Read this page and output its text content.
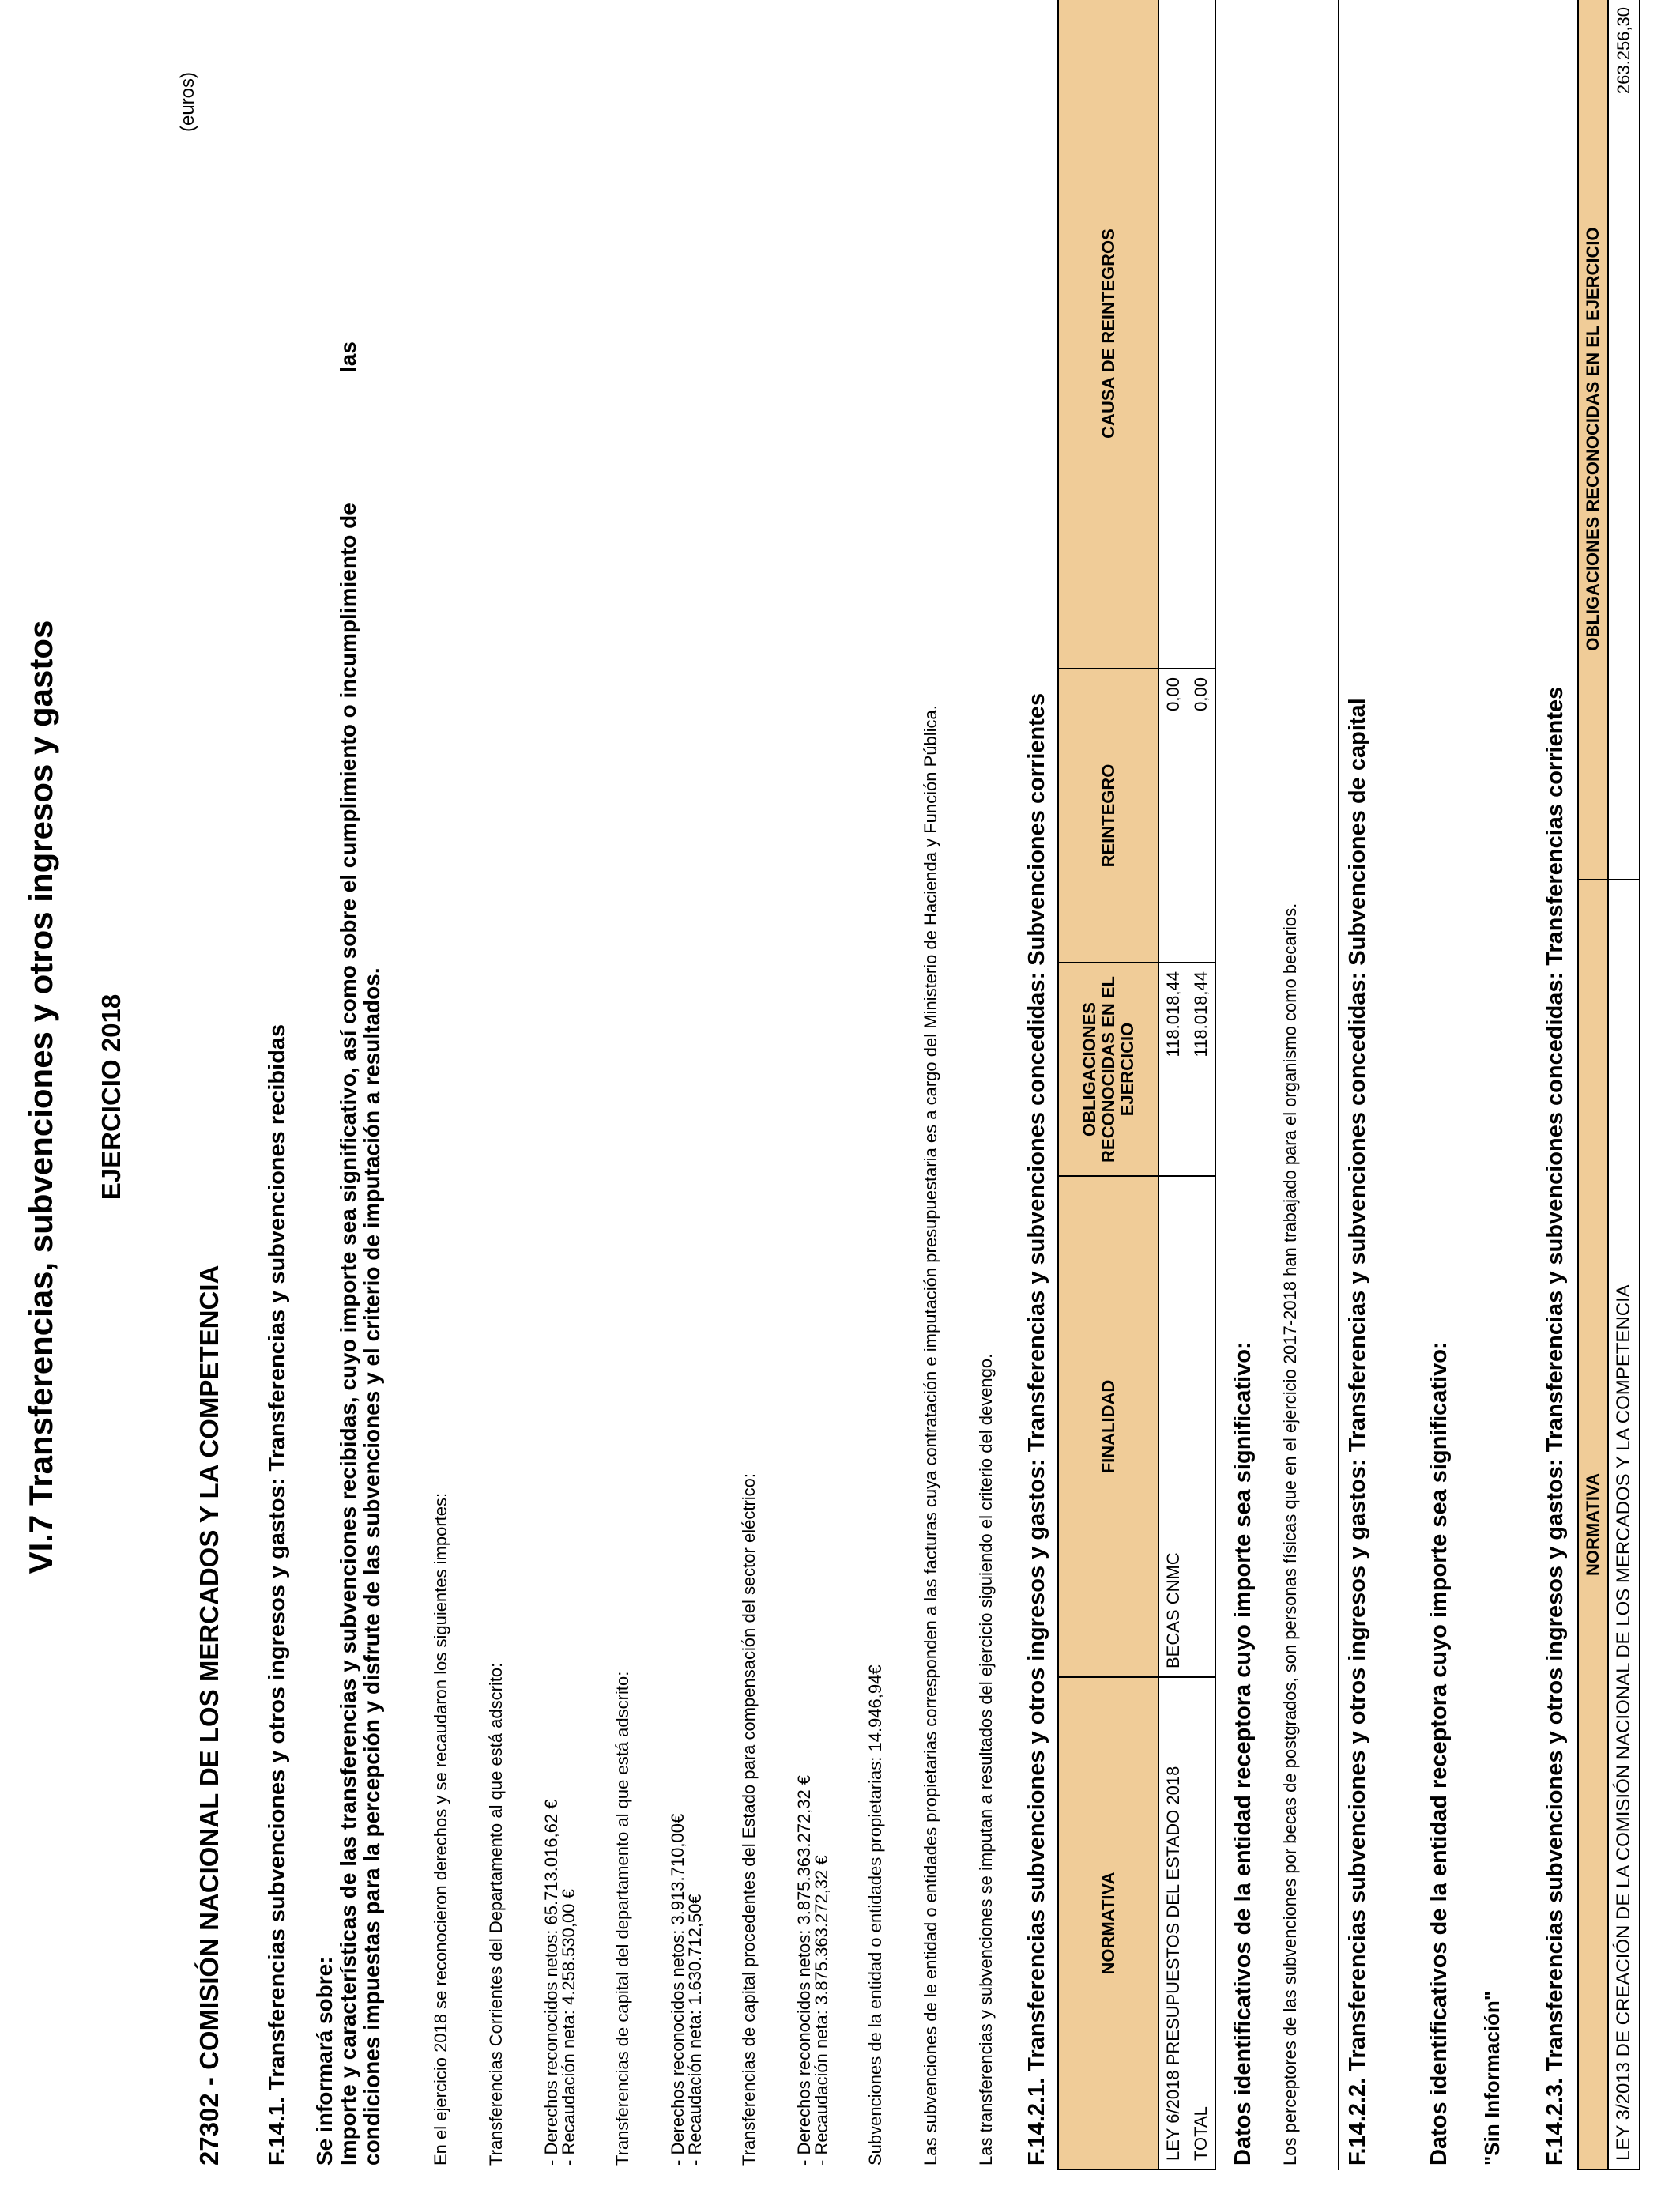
VI.7 Transferencias, subvenciones y otros ingresos y gastos EJERCICIO 2018
(euros)
27302 - COMISIÓN NACIONAL DE LOS MERCADOS Y LA COMPETENCIA F.14.1. Transferencias subvenciones y otros ingresos y gastos: Transferencias y subvenciones recibidas Se informará sobre: Importe y características de las transferencias y subvenciones recibidas, cuyo importe sea significativo, así como sobre el cumplimiento o incumplimiento de
las
condiciones impuestas para la percepción y disfrute de las subvenciones y el criterio de imputación a resultados.	En el ejercicio 2018 se reconocieron derechos y se recaudaron los siguientes importes: Transferencias Corrientes del Departamento al que está adscrito: - Derechos reconocidos netos: 65.713.016,62 €
- Recaudación neta: 4.258.530,00 € Transferencias de capital del departamento al que está adscrito: - Derechos reconocidos netos: 3.913.710,00€
- Recaudación neta: 1.630.712,50€ Transferencias de capital procedentes del Estado para compensación del sector eléctrico: - Derechos reconocidos netos: 3.875.363.272,32 €
- Recaudación neta: 3.875.363.272,32 € Subvenciones de la entidad o entidades propietarias: 14.946,94€ Las subvenciones de le entidad o entidades propietarias corresponden a las facturas cuya contratación e imputación presupuestaria es a cargo del Ministerio de Hacienda y Función Pública. Las transferencias y subvenciones se imputan a resultados del ejercicio siguiendo el criterio del devengo. F.14.2.1. Transferencias subvenciones y otros ingresos y gastos: Transferencias y subvenciones concedidas: Subvenciones corrientes	NORMATIVA	FINALIDAD	OBLIGACIONES RECONOCIDAS EN EL EJERCICIO	REINTEGRO	CAUSA DE REINTEGROS
LEY 6/2018 PRESUPUESTOS DEL ESTADO 2018	BECAS CNMC	118.018,44	0,00	
TOTAL		118.018,44	0,00	
Datos identificativos de la entidad receptora cuyo importe sea significativo: Los perceptores de las subvenciones por becas de postgrados, son personas físicas que en el ejercicio 2017-2018 han trabajado para el organismo como becarios. F.14.2.2. Transferencias subvenciones y otros ingresos y gastos: Transferencias y subvenciones concedidas: Subvenciones de capital Datos identificativos de la entidad receptora cuyo importe sea significativo: "Sin Información" F.14.2.3. Transferencias subvenciones y otros ingresos y gastos: Transferencias y subvenciones concedidas: Transferencias corrientes NORMATIVA	OBLIGACIONES RECONOCIDAS EN EL EJERCICIO
LEY 3/2013 DE CREACIÓN DE LA COMISIÓN NACIONAL DE LOS MERCADOS Y LA COMPETENCIA	263.256,30
